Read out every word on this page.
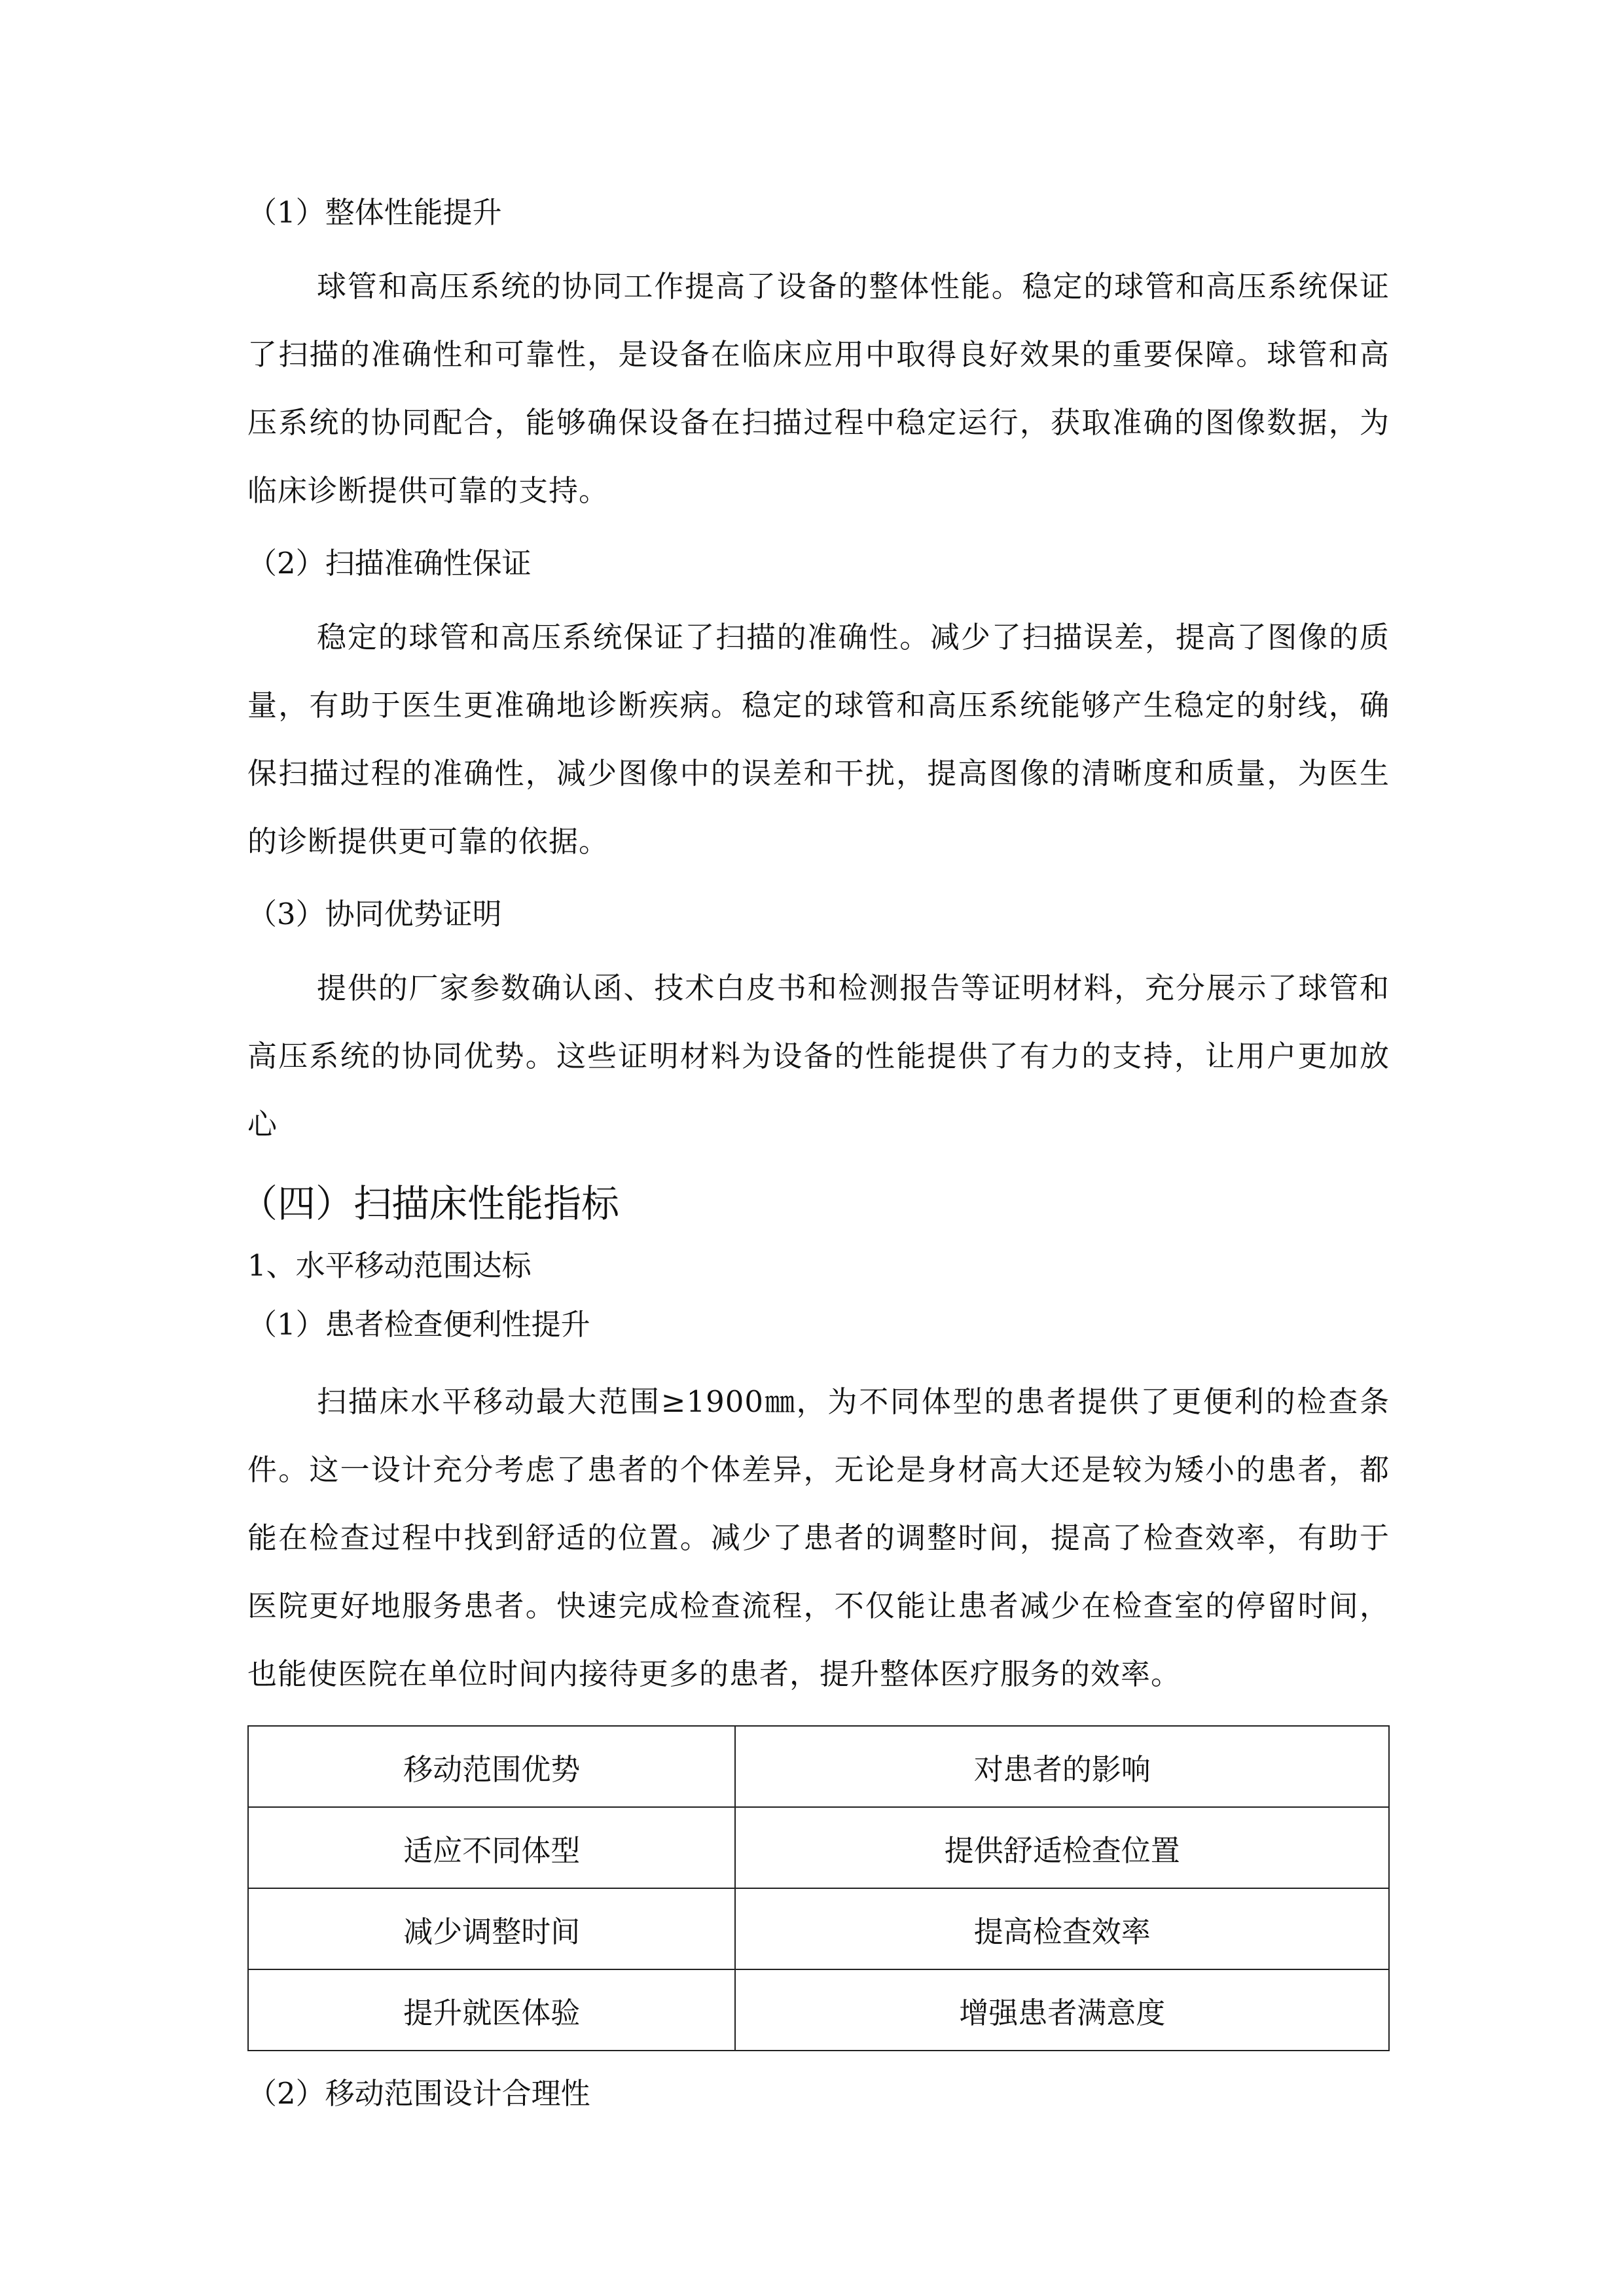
（1）整体性能提升

球管和高压系统的协同工作提高了设备的整体性能。稳定的球管和高压系统保证了扫描的准确性和可靠性，是设备在临床应用中取得良好效果的重要保障。球管和高压系统的协同配合，能够确保设备在扫描过程中稳定运行，获取准确的图像数据，为临床诊断提供可靠的支持。

（2）扫描准确性保证

稳定的球管和高压系统保证了扫描的准确性。减少了扫描误差，提高了图像的质量，有助于医生更准确地诊断疾病。稳定的球管和高压系统能够产生稳定的射线，确保扫描过程的准确性，减少图像中的误差和干扰，提高图像的清晰度和质量，为医生的诊断提供更可靠的依据。

（3）协同优势证明

提供的厂家参数确认函、技术白皮书和检测报告等证明材料，充分展示了球管和高压系统的协同优势。这些证明材料为设备的性能提供了有力的支持，让用户更加放心

（四）扫描床性能指标

1、水平移动范围达标

（1）患者检查便利性提升

扫描床水平移动最大范围≥1900㎜，为不同体型的患者提供了更便利的检查条件。这一设计充分考虑了患者的个体差异，无论是身材高大还是较为矮小的患者，都能在检查过程中找到舒适的位置。减少了患者的调整时间，提高了检查效率，有助于医院更好地服务患者。快速完成检查流程，不仅能让患者减少在检查室的停留时间，也能使医院在单位时间内接待更多的患者，提升整体医疗服务的效率。

移动范围优势	对患者的影响
适应不同体型	提供舒适检查位置
减少调整时间	提高检查效率
提升就医体验	增强患者满意度

（2）移动范围设计合理性
